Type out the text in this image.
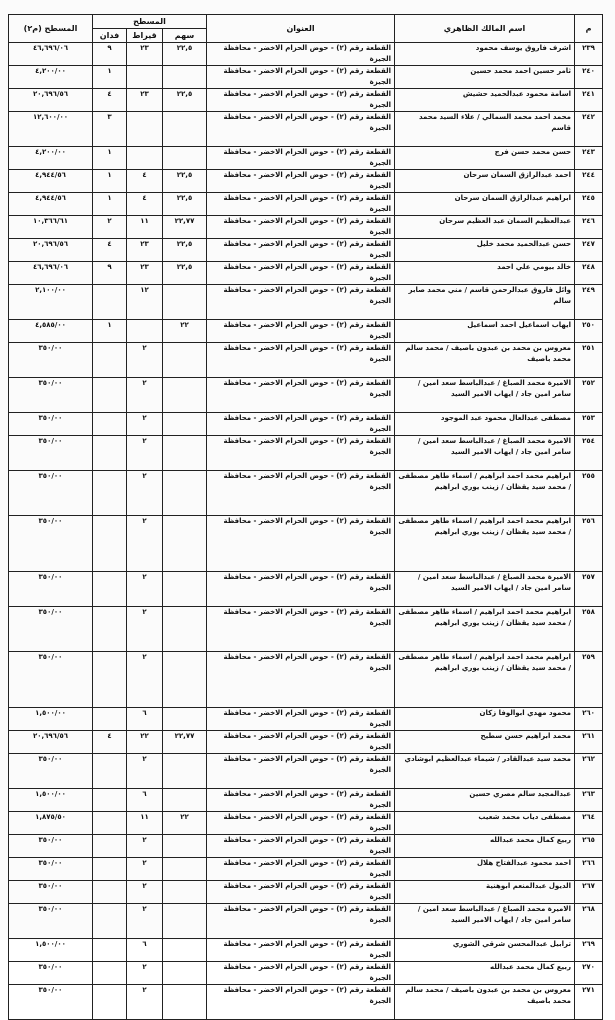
م	اسم المالك الظاهري	العنوان	المسطح			المسطح (م٢)
			سهم	قيراط	فدان	
٢٣٩	اشرف فاروق يوسف محمود	القطعة رقم (٢) - حوض الحزام الاخضر - محافظة الجيزة	٢٢,٥	٢٣	٩	٤٦,٦٩٦/٠٦
٢٤٠	ثامر حسين احمد محمد حسين	القطعة رقم (٢) - حوض الحزام الاخضر - محافظة الجيزة			١	٤,٢٠٠/٠٠
٢٤١	اسامة محمود عبدالحميد حشيش	القطعة رقم (٢) - حوض الحزام الاخضر - محافظة الجيزة	٢٢,٥	٢٣	٤	٢٠,٦٩٦/٥٦
٢٤٢	محمد احمد محمد السمالي / علاء السيد محمد قاسم	القطعة رقم (٢) - حوض الحزام الاخضر - محافظة الجيزة			٣	١٢,٦٠٠/٠٠
٢٤٣	حسن محمد حسن فرج	القطعة رقم (٢) - حوض الحزام الاخضر - محافظة الجيزة			١	٤,٢٠٠/٠٠
٢٤٤	احمد عبدالرازق السمان سرحان	القطعة رقم (٢) - حوض الحزام الاخضر - محافظة الجيزة	٢٢,٥	٤	١	٤,٩٤٤/٥٦
٢٤٥	ابراهيم عبدالرازق السمان سرحان	القطعة رقم (٢) - حوض الحزام الاخضر - محافظة الجيزة	٢٢,٥	٤	١	٤,٩٤٤/٥٦
٢٤٦	عبدالعظيم السمان عبد العظيم سرحان	القطعة رقم (٢) - حوض الحزام الاخضر - محافظة الجيزة	٢٢,٧٧	١١	٢	١٠,٣٦٦/٦١
٢٤٧	حسن عبدالحميد محمد خليل	القطعة رقم (٢) - حوض الحزام الاخضر - محافظة الجيزة	٢٢,٥	٢٣	٤	٢٠,٦٩٦/٥٦
٢٤٨	خالد بيومي علي احمد	القطعة رقم (٢) - حوض الحزام الاخضر - محافظة الجيزة	٢٢,٥	٢٣	٩	٤٦,٦٩٦/٠٦
٢٤٩	وائل فاروق عبدالرحمن قاسم / مني محمد صابر سالم	القطعة رقم (٢) - حوض الحزام الاخضر - محافظة الجيزة		١٢		٢,١٠٠/٠٠
٢٥٠	ايهاب اسماعيل احمد اسماعيل	القطعة رقم (٢) - حوض الحزام الاخضر - محافظة الجيزة	٢٢		١	٤,٥٨٥/٠٠
٢٥١	معروس بن محمد بن عبدون باصيف / محمد سالم محمد باصيف	القطعة رقم (٢) - حوض الحزام الاخضر - محافظة الجيزة		٢		٣٥٠/٠٠
٢٥٢	الاميرة محمد الصباغ / عبدالباسط سعد امين / سامر امين جاد / ايهاب الامير السيد	القطعة رقم (٢) - حوض الحزام الاخضر - محافظة الجيزة		٢		٣٥٠/٠٠
٢٥٣	مصطفى عبدالعال محمود عبد الموجود	القطعة رقم (٢) - حوض الحزام الاخضر - محافظة الجيزة		٢		٣٥٠/٠٠
٢٥٤	الاميرة محمد الصباغ / عبدالباسط سعد امين / سامر امين جاد / ايهاب الامير السيد	القطعة رقم (٢) - حوض الحزام الاخضر - محافظة الجيزة		٢		٣٥٠/٠٠
٢٥٥	ابراهيم محمد احمد ابراهيم / اسماء طاهر مصطفى / محمد سيد يقظان / زينب يوري ابراهيم	القطعة رقم (٢) - حوض الحزام الاخضر - محافظة الجيزة		٢		٣٥٠/٠٠
٢٥٦	ابراهيم محمد احمد ابراهيم / اسماء طاهر مصطفى / محمد سيد يقظان / زينب يوري ابراهيم	القطعة رقم (٢) - حوض الحزام الاخضر - محافظة الجيزة		٢		٣٥٠/٠٠
٢٥٧	الاميرة محمد الصباغ / عبدالباسط سعد امين / سامر امين جاد / ايهاب الامير السيد	القطعة رقم (٢) - حوض الحزام الاخضر - محافظة الجيزة		٢		٣٥٠/٠٠
٢٥٨	ابراهيم محمد احمد ابراهيم / اسماء طاهر مصطفى / محمد سيد يقظان / زينب يوري ابراهيم	القطعة رقم (٢) - حوض الحزام الاخضر - محافظة الجيزة		٢		٣٥٠/٠٠
٢٥٩	ابراهيم محمد احمد ابراهيم / اسماء طاهر مصطفى / محمد سيد يقظان / زينب يوري ابراهيم	القطعة رقم (٢) - حوض الحزام الاخضر - محافظة الجيزة		٢		٣٥٠/٠٠
٢٦٠	محمود مهدي ابوالوفا زكان	القطعة رقم (٢) - حوض الحزام الاخضر - محافظة الجيزة		٦		١,٥٠٠/٠٠
٢٦١	محمد ابراهيم حسن سطيح	القطعة رقم (٢) - حوض الحزام الاخضر - محافظة الجيزة	٢٢,٧٧	٢٢	٤	٢٠,٦٩٦/٥٦
٢٦٢	محمد سيد عبدالقادر / شيماء عبدالعظيم ابوشادي	القطعة رقم (٢) - حوض الحزام الاخضر - محافظة الجيزة		٢		٣٥٠/٠٠
٢٦٣	عبدالمجيد سالم مصري حسين	القطعة رقم (٢) - حوض الحزام الاخضر - محافظة الجيزة		٦		١,٥٠٠/٠٠
٢٦٤	مصطفى دياب محمد شعيب	القطعة رقم (٢) - حوض الحزام الاخضر - محافظة الجيزة	٢٢	١١		١,٨٧٥/٥٠
٢٦٥	ربيع كمال محمد عبدالله	القطعة رقم (٢) - حوض الحزام الاخضر - محافظة الجيزة		٢		٣٥٠/٠٠
٢٦٦	احمد محمود عبدالفتاح هلال	القطعة رقم (٢) - حوض الحزام الاخضر - محافظة الجيزة		٢		٣٥٠/٠٠
٢٦٧	الديول عبدالمنعم ابوهنية	القطعة رقم (٢) - حوض الحزام الاخضر - محافظة الجيزة		٢		٣٥٠/٠٠
٢٦٨	الاميرة محمد الصباغ / عبدالباسط سعد امين / سامر امين جاد / ايهاب الامير السيد	القطعة رقم (٢) - حوض الحزام الاخضر - محافظة الجيزة		٢		٣٥٠/٠٠
٢٦٩	ترابيل عبدالمحسن شرقي الشوري	القطعة رقم (٢) - حوض الحزام الاخضر - محافظة الجيزة		٦		١,٥٠٠/٠٠
٢٧٠	ربيع كمال محمد عبدالله	القطعة رقم (٢) - حوض الحزام الاخضر - محافظة الجيزة		٢		٣٥٠/٠٠
٢٧١	معروس بن محمد بن عبدون باصيف / محمد سالم محمد باصيف	القطعة رقم (٢) - حوض الحزام الاخضر - محافظة الجيزة		٢		٣٥٠/٠٠
